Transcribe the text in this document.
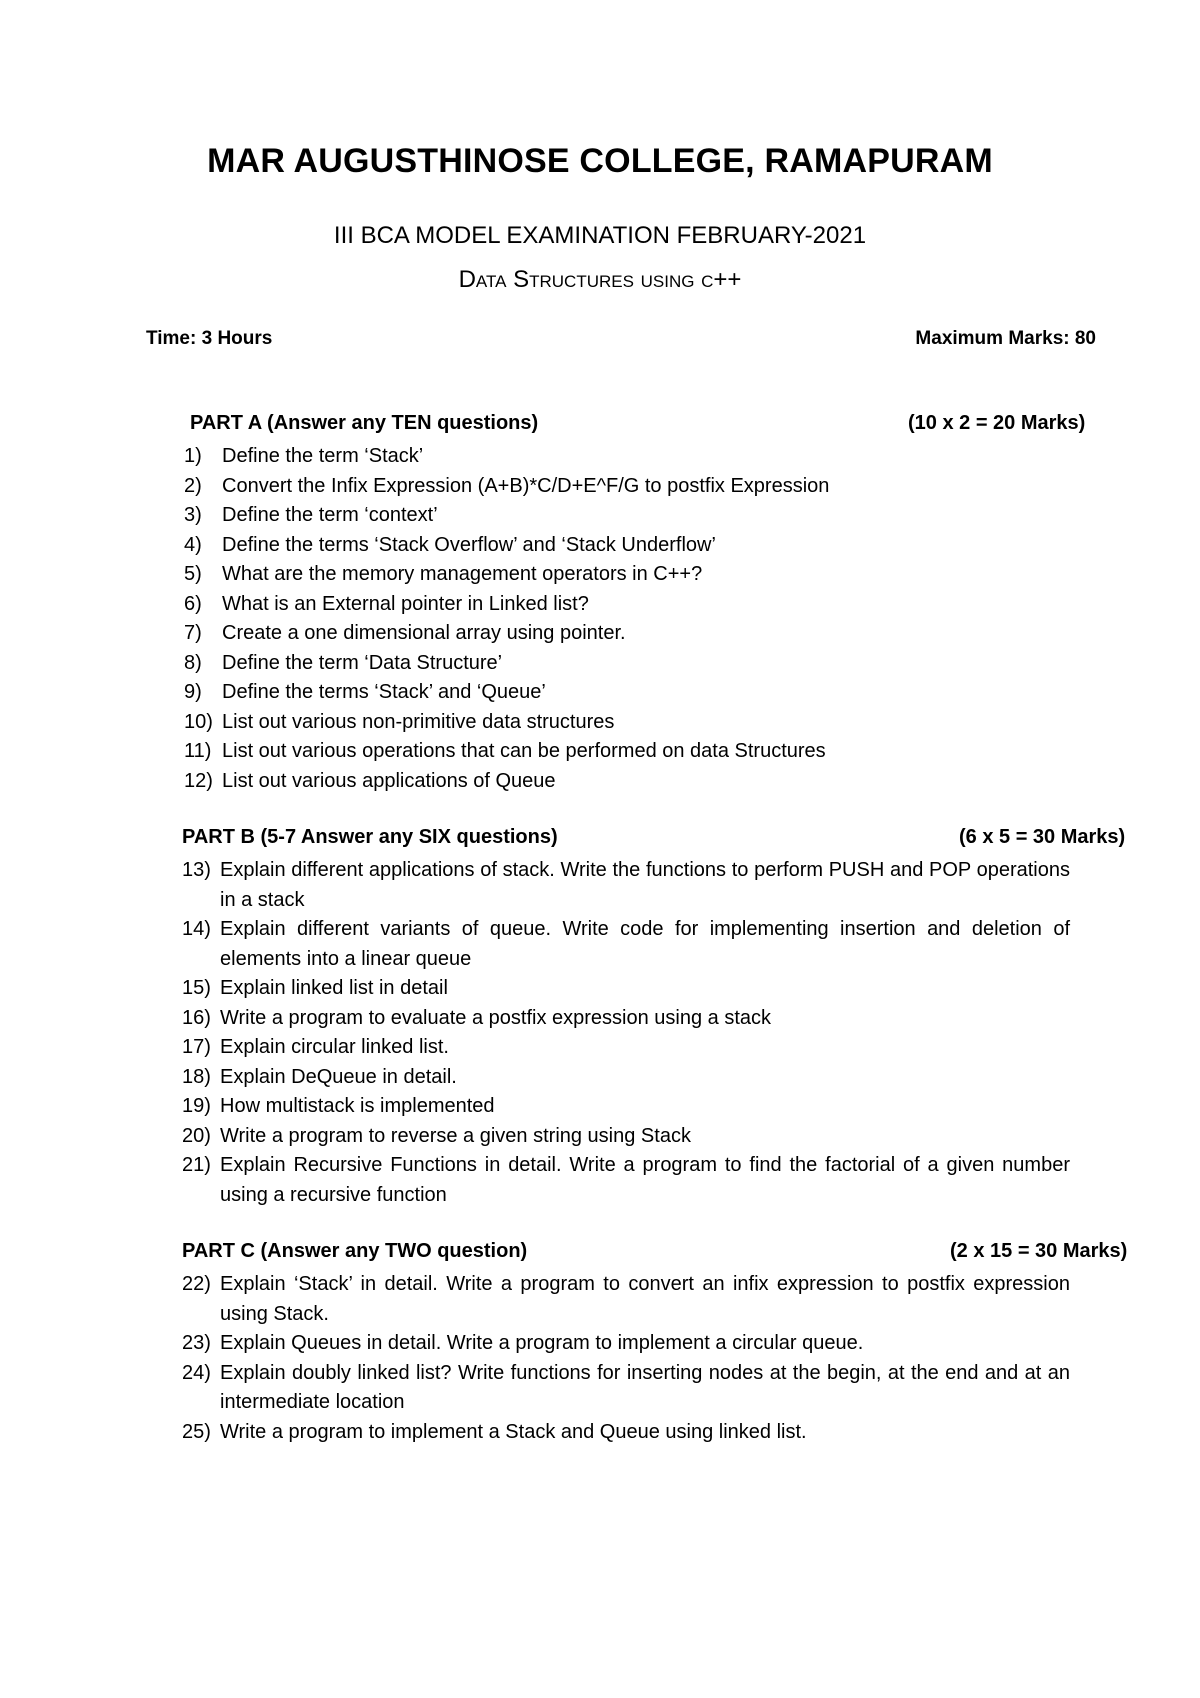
MAR AUGUSTHINOSE COLLEGE, RAMAPURAM
III BCA MODEL EXAMINATION FEBRUARY-2021
Data Structures using c++
Time: 3 Hours	Maximum Marks: 80
PART A (Answer any TEN questions)	(10 x 2 = 20 Marks)
1)	Define the term ‘Stack’
2)	Convert the Infix Expression (A+B)*C/D+E^F/G to postfix Expression
3)	Define the term ‘context’
4)	Define the terms ‘Stack Overflow’ and ‘Stack Underflow’
5)	What are the memory management operators in C++?
6)	What is an External pointer in Linked list?
7)	Create a one dimensional array using pointer.
8)	Define the term ‘Data Structure’
9)	Define the terms ‘Stack’ and ‘Queue’
10) List out various non-primitive data structures
11) List out various operations that can be performed on data Structures
12) List out various applications of Queue
PART B (5-7 Answer any SIX questions)	(6 x 5 = 30 Marks)
13) Explain different applications of stack. Write the functions to perform PUSH and POP operations in a stack
14) Explain different variants of queue. Write code for implementing insertion and deletion of elements into a linear queue
15) Explain linked list in detail
16) Write a program to evaluate a postfix expression using a stack
17) Explain circular linked list.
18) Explain DeQueue in detail.
19) How multistack is implemented
20) Write a program to reverse a given string using Stack
21) Explain Recursive Functions in detail. Write a program to find the factorial of a given number using a recursive function
PART C (Answer any TWO question)	(2 x 15 = 30 Marks)
22) Explain ‘Stack’ in detail. Write a program to convert an infix expression to postfix expression using Stack.
23) Explain Queues in detail. Write a program to implement a circular queue.
24) Explain doubly linked list? Write functions for inserting nodes at the begin, at the end and at an intermediate location
25) Write a program to implement a Stack and Queue using linked list.
